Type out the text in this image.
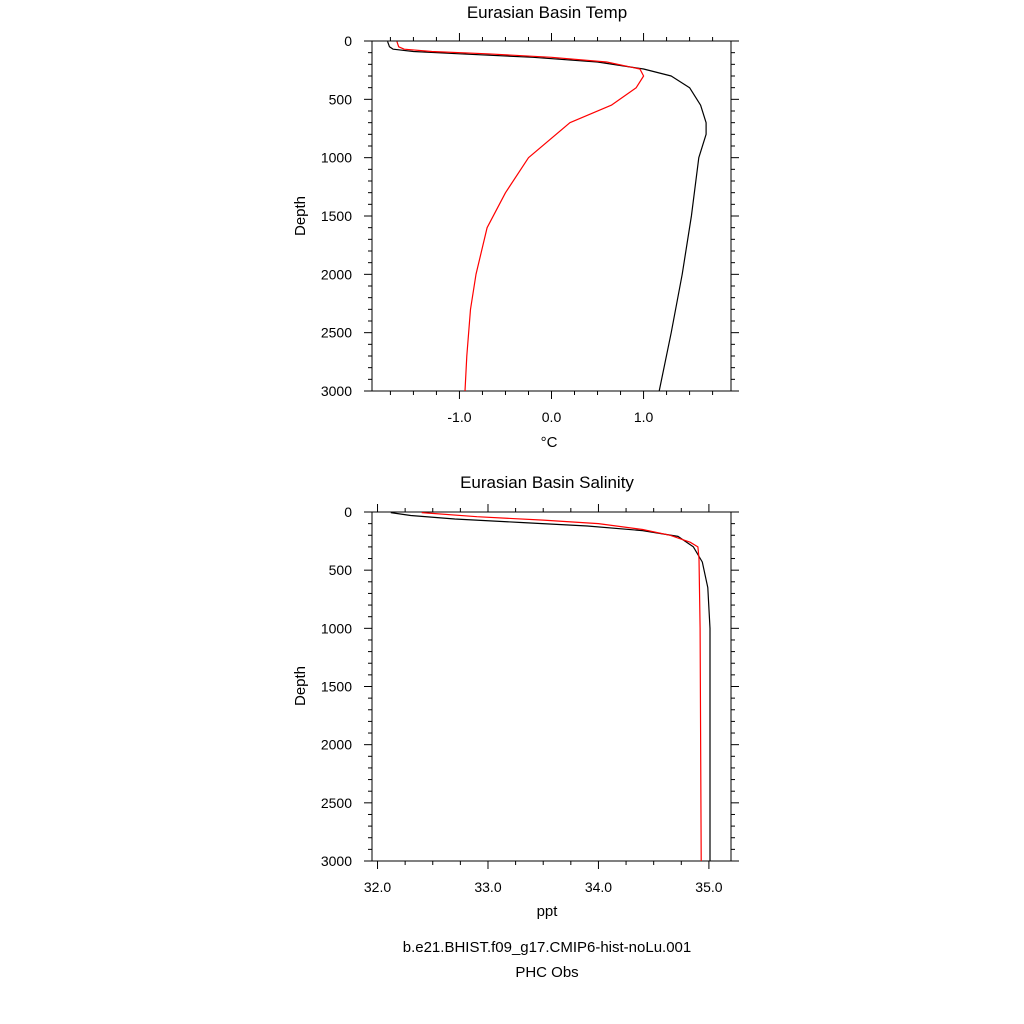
Eurasian Basin Temp
0
500
1000
1500
2000
2500
3000
-1.0	0.0	1.0
°C
Depth
Eurasian Basin Salinity
0
500
1000
1500
2000
2500
3000
32.0	33.0	34.0	35.0
ppt
Depth
b.e21.BHIST.f09_g17.CMIP6-hist-noLu.001
PHC Obs
